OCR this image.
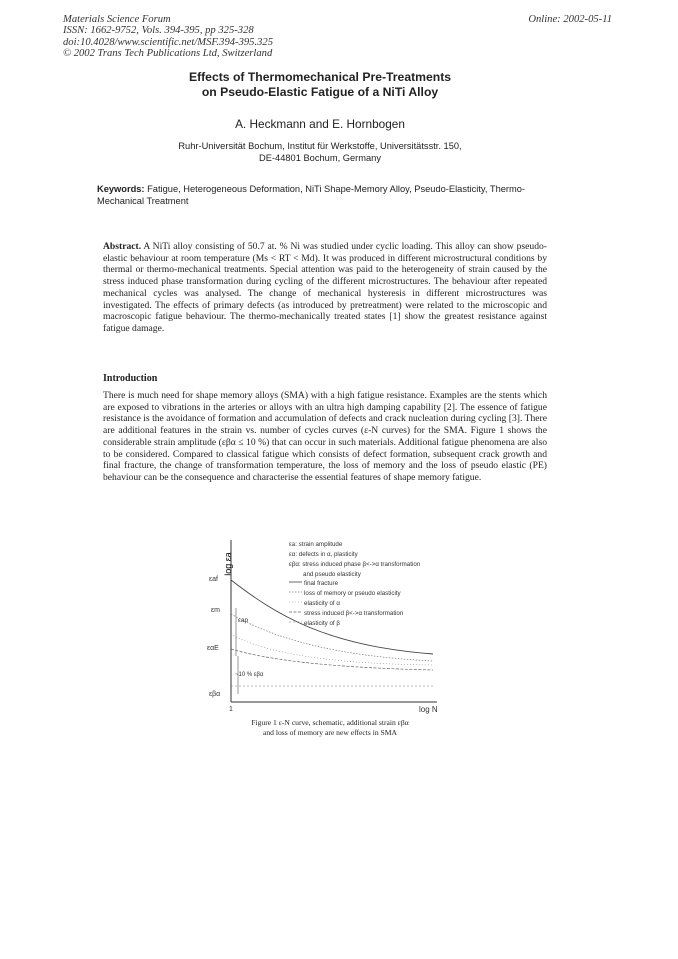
Materials Science Forum
ISSN: 1662-9752, Vols. 394-395, pp 325-328
doi:10.4028/www.scientific.net/MSF.394-395.325
© 2002 Trans Tech Publications Ltd, Switzerland
Online: 2002-05-11
Effects of Thermomechanical Pre-Treatments
on Pseudo-Elastic Fatigue of a NiTi Alloy
A. Heckmann and E. Hornbogen
Ruhr-Universität Bochum, Institut für Werkstoffe, Universitätsstr. 150,
DE-44801 Bochum, Germany
Keywords: Fatigue, Heterogeneous Deformation, NiTi Shape-Memory Alloy, Pseudo-Elasticity, Thermo-Mechanical Treatment
Abstract. A NiTi alloy consisting of 50.7 at. % Ni was studied under cyclic loading. This alloy can show pseudo-elastic behaviour at room temperature (Ms < RT < Md). It was produced in different microstructural conditions by thermal or thermo-mechanical treatments. Special attention was paid to the heterogeneity of strain caused by the stress induced phase transformation during cycling of the different microstructures. The behaviour after repeated mechanical cycles was analysed. The change of mechanical hysteresis in different microstructures was investigated. The effects of primary defects (as introduced by pretreatment) were related to the microscopic and macroscopic fatigue behaviour. The thermo-mechanically treated states [1] show the greatest resistance against fatigue damage.
Introduction
There is much need for shape memory alloys (SMA) with a high fatigue resistance. Examples are the stents which are exposed to vibrations in the arteries or alloys with an ultra high damping capability [2]. The essence of fatigue resistance is the avoidance of formation and accumulation of defects and crack nucleation during cycling [3]. There are additional features in the strain vs. number of cycles curves (ε-N curves) for the SMA. Figure 1 shows the considerable strain amplitude (εβα ≤ 10 %) that can occur in such materials. Additional fatigue phenomena are also to be considered. Compared to classical fatigue which consists of defect formation, subsequent crack growth and final fracture, the change of transformation temperature, the loss of memory and the loss of pseudo elastic (PE) behaviour can be the consequence and characterise the essential features of shape memory fatigue.
log εa
εaf
εm
εαE
εβα
εap
~10 % εβα
εa: strain amplitude
εα: defects in α, plasticity
εβα: stress induced phase β<->α transformation
and pseudo elasticity
final fracture
loss of memory or pseudo elasticity
elasticity of α
stress induced β<->α transformation
elasticity of β
1	log N
Figure 1 ε-N curve, schematic, additional strain εβα
and loss of memory are new effects in SMA
